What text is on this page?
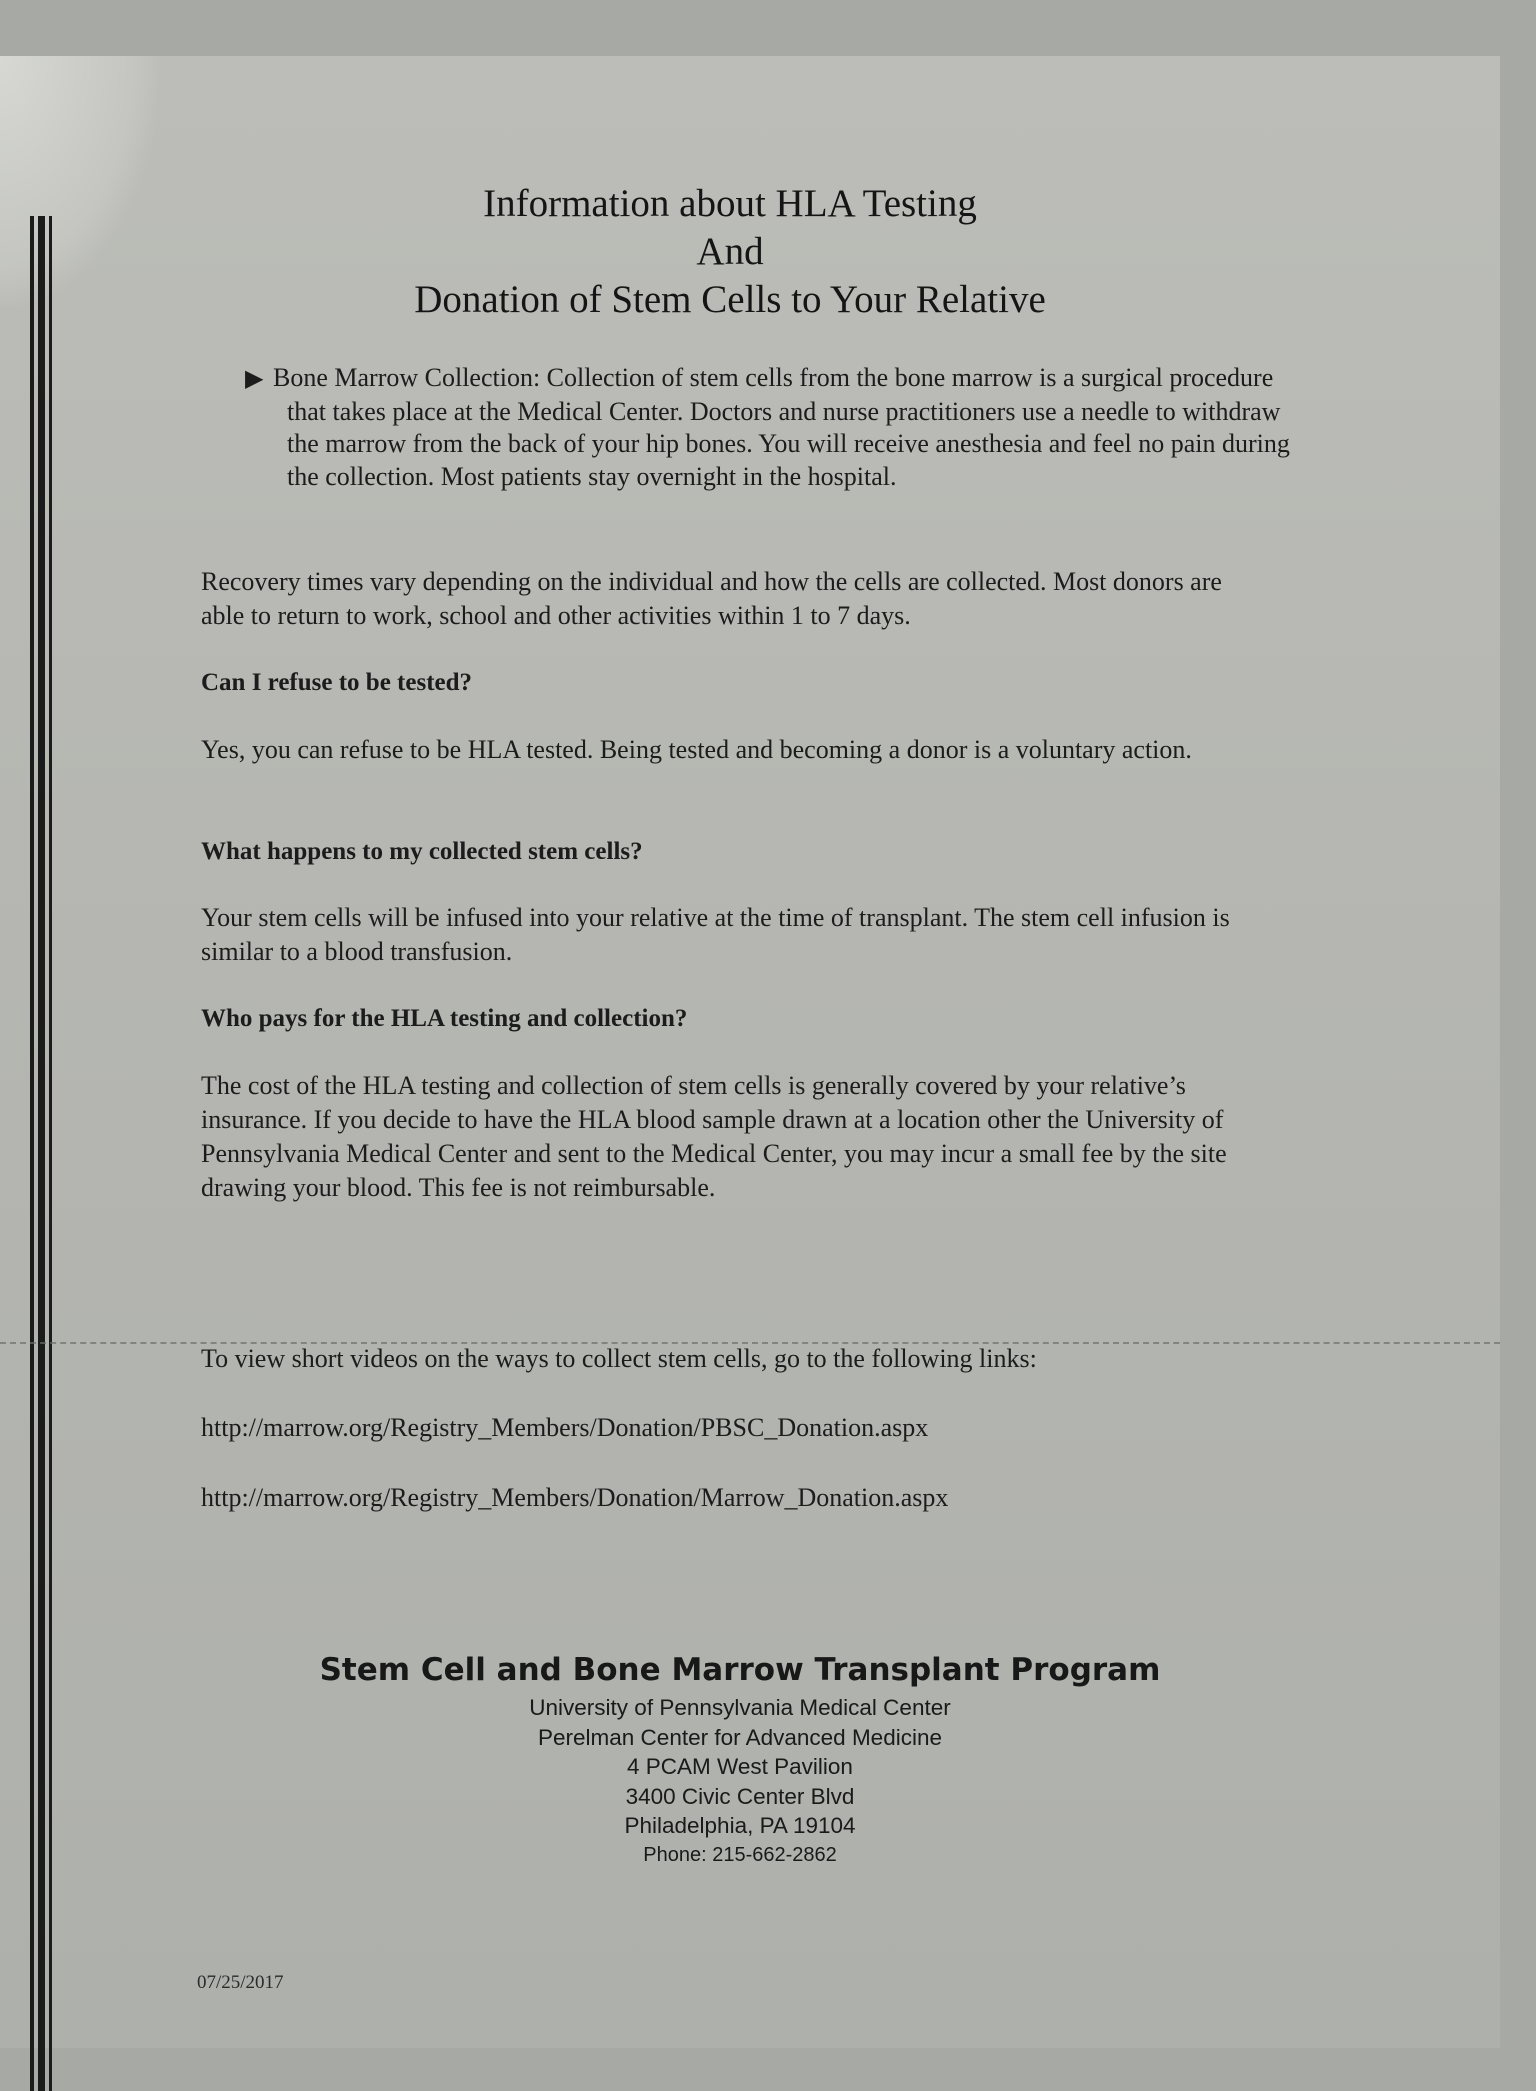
Information about HLA Testing
And
Donation of Stem Cells to Your Relative
▶ Bone Marrow Collection: Collection of stem cells from the bone marrow is a surgical procedure that takes place at the Medical Center. Doctors and nurse practitioners use a needle to withdraw the marrow from the back of your hip bones. You will receive anesthesia and feel no pain during the collection. Most patients stay overnight in the hospital.

Recovery times vary depending on the individual and how the cells are collected. Most donors are able to return to work, school and other activities within 1 to 7 days.

Can I refuse to be tested?

Yes, you can refuse to be HLA tested. Being tested and becoming a donor is a voluntary action.

What happens to my collected stem cells?

Your stem cells will be infused into your relative at the time of transplant. The stem cell infusion is similar to a blood transfusion.

Who pays for the HLA testing and collection?

The cost of the HLA testing and collection of stem cells is generally covered by your relative’s insurance. If you decide to have the HLA blood sample drawn at a location other the University of Pennsylvania Medical Center and sent to the Medical Center, you may incur a small fee by the site drawing your blood. This fee is not reimbursable.

To view short videos on the ways to collect stem cells, go to the following links:

http://marrow.org/Registry_Members/Donation/PBSC_Donation.aspx

http://marrow.org/Registry_Members/Donation/Marrow_Donation.aspx

Stem Cell and Bone Marrow Transplant Program

University of Pennsylvania Medical Center
Perelman Center for Advanced Medicine
4 PCAM West Pavilion
3400 Civic Center Blvd
Philadelphia, PA 19104
Phone: 215-662-2862
07/25/2017
